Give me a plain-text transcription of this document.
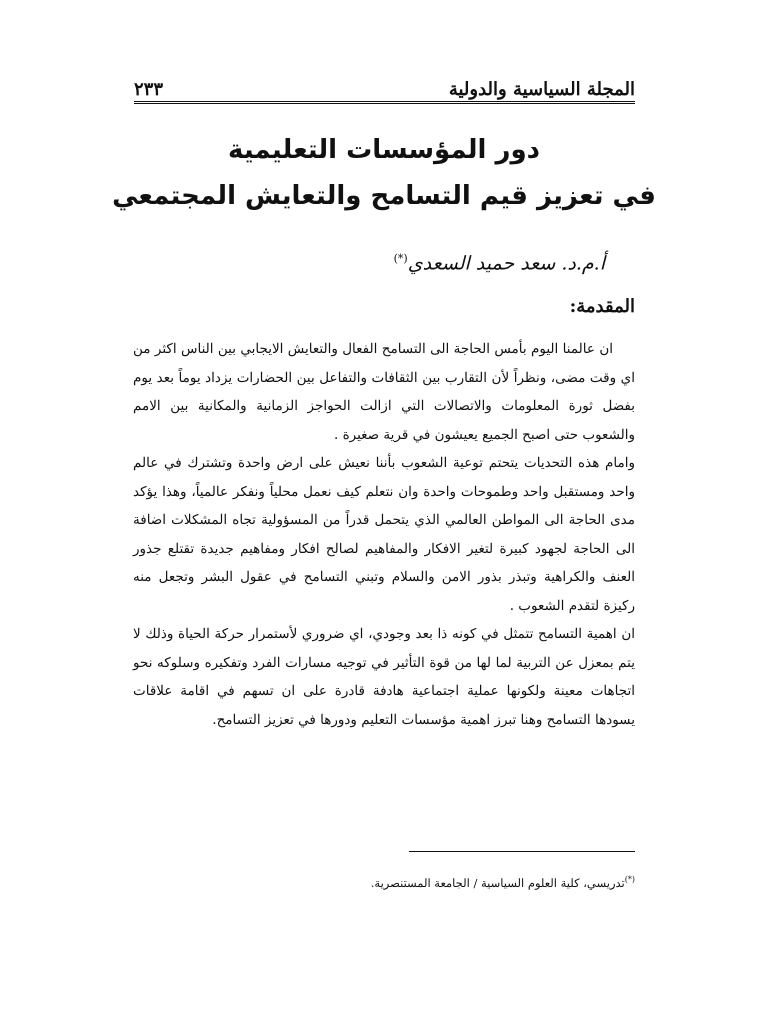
المجلة السياسية والدولية
٢٣٣
دور المؤسسات التعليمية
في تعزيز قيم التسامح والتعايش المجتمعي
أ.م.د. سعد حميد السعدي(*)
المقدمة:

ان عالمنا اليوم بأمس الحاجة الى التسامح الفعال والتعايش الايجابي بين الناس اكثر من اي وقت مضى، ونظراً لأن التقارب بين الثقافات والتفاعل بين الحضارات يزداد يوماً بعد يوم بفضل ثورة المعلومات والاتصالات التي ازالت الحواجز الزمانية والمكانية بين الامم والشعوب حتى اصبح الجميع يعيشون في قرية صغيرة .

وامام هذه التحديات يتحتم توعية الشعوب بأننا نعيش على ارض واحدة وتشترك في عالم واحد ومستقبل واحد وطموحات واحدة وان نتعلم كيف نعمل محلياً ونفكر عالمياً، وهذا يؤكد مدى الحاجة الى المواطن العالمي الذي يتحمل قدراً من المسؤولية تجاه المشكلات اضافة الى الحاجة لجهود كبيرة لتغير الافكار والمفاهيم لصالح افكار ومفاهيم جديدة تقتلع جذور العنف والكراهية وتبذر بذور الامن والسلام وتبني التسامح في عقول البشر وتجعل منه ركيزة لتقدم الشعوب .

ان اهمية التسامح تتمثل في كونه ذا بعد وجودي، اي ضروري لأستمرار حركة الحياة وذلك لا يتم بمعزل عن التربية لما لها من قوة التأثير في توجيه مسارات الفرد وتفكيره وسلوكه نحو اتجاهات معينة ولكونها عملية اجتماعية هادفة قادرة على ان تسهم في اقامة علاقات يسودها التسامح وهنا تبرز اهمية مؤسسات التعليم ودورها في تعزيز التسامح.

(*)تدريسي، كلية العلوم السياسية / الجامعة المستنصرية.
